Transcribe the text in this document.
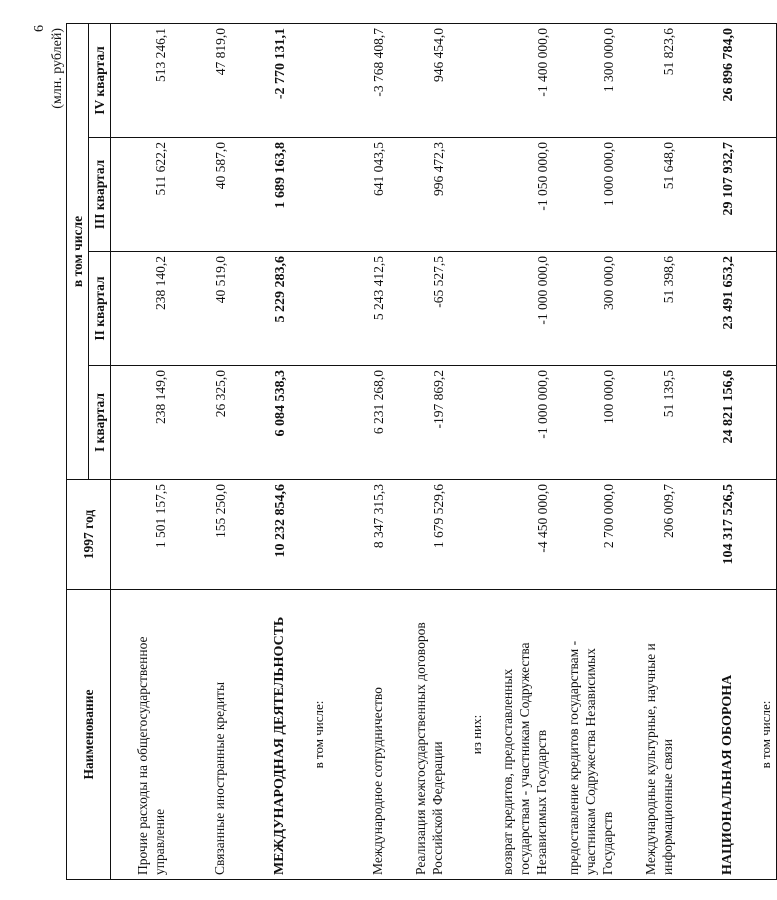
6 (млн. рублей)
Наименование	1997 год	в том числе			
		I квартал	II квартал	III квартал	IV квартал
Прочие расходы на общегосударственное управление	1 501 157,5	238 149,0	238 140,2	511 622,2	513 246,1
Связанные иностранные кредиты	155 250,0	26 325,0	40 519,0	40 587,0	47 819,0
МЕЖДУНАРОДНАЯ ДЕЯТЕЛЬНОСТЬ	10 232 854,6	6 084 538,3	5 229 283,6	1 689 163,8	-2 770 131,1
в том числе:					
Международное сотрудничество	8 347 315,3	6 231 268,0	5 243 412,5	641 043,5	-3 768 408,7
Реализация межгосударственных договоров Российской Федерации	1 679 529,6	-197 869,2	-65 527,5	996 472,3	946 454,0
из них:					
возврат кредитов, предоставленных государствам - участникам Содружества Независимых Государств	-4 450 000,0	-1 000 000,0	-1 000 000,0	-1 050 000,0	-1 400 000,0
предоставление кредитов государствам - участникам Содружества Независимых Государств	2 700 000,0	100 000,0	300 000,0	1 000 000,0	1 300 000,0
Международные культурные, научные и информационные связи	206 009,7	51 139,5	51 398,6	51 648,0	51 823,6
НАЦИОНАЛЬНАЯ ОБОРОНА	104 317 526,5	24 821 156,6	23 491 653,2	29 107 932,7	26 896 784,0
в том числе:					
